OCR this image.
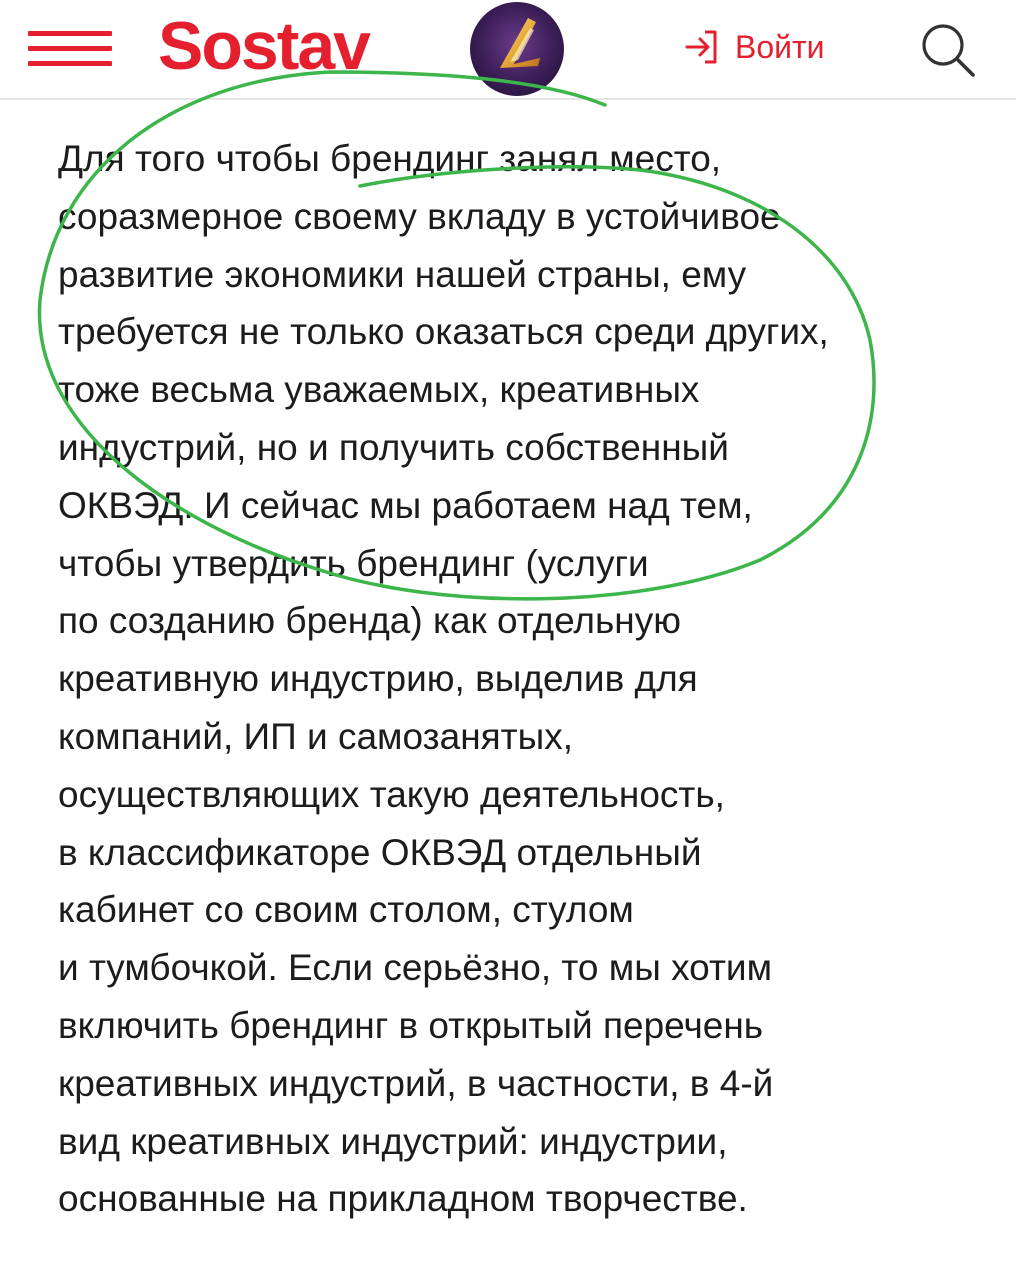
Sostav	Войти

Для того чтобы брендинг занял место,
соразмерное своему вкладу в устойчивое
развитие экономики нашей страны, ему
требуется не только оказаться среди других,
тоже весьма уважаемых, креативных
индустрий, но и получить собственный
ОКВЭД. И сейчас мы работаем над тем,
чтобы утвердить брендинг (услуги
по созданию бренда) как отдельную
креативную индустрию, выделив для
компаний, ИП и самозанятых,
осуществляющих такую деятельность,
в классификаторе ОКВЭД отдельный
кабинет со своим столом, стулом
и тумбочкой. Если серьёзно, то мы хотим
включить брендинг в открытый перечень
креативных индустрий, в частности, в 4-й
вид креативных индустрий: индустрии,
основанные на прикладном творчестве.
